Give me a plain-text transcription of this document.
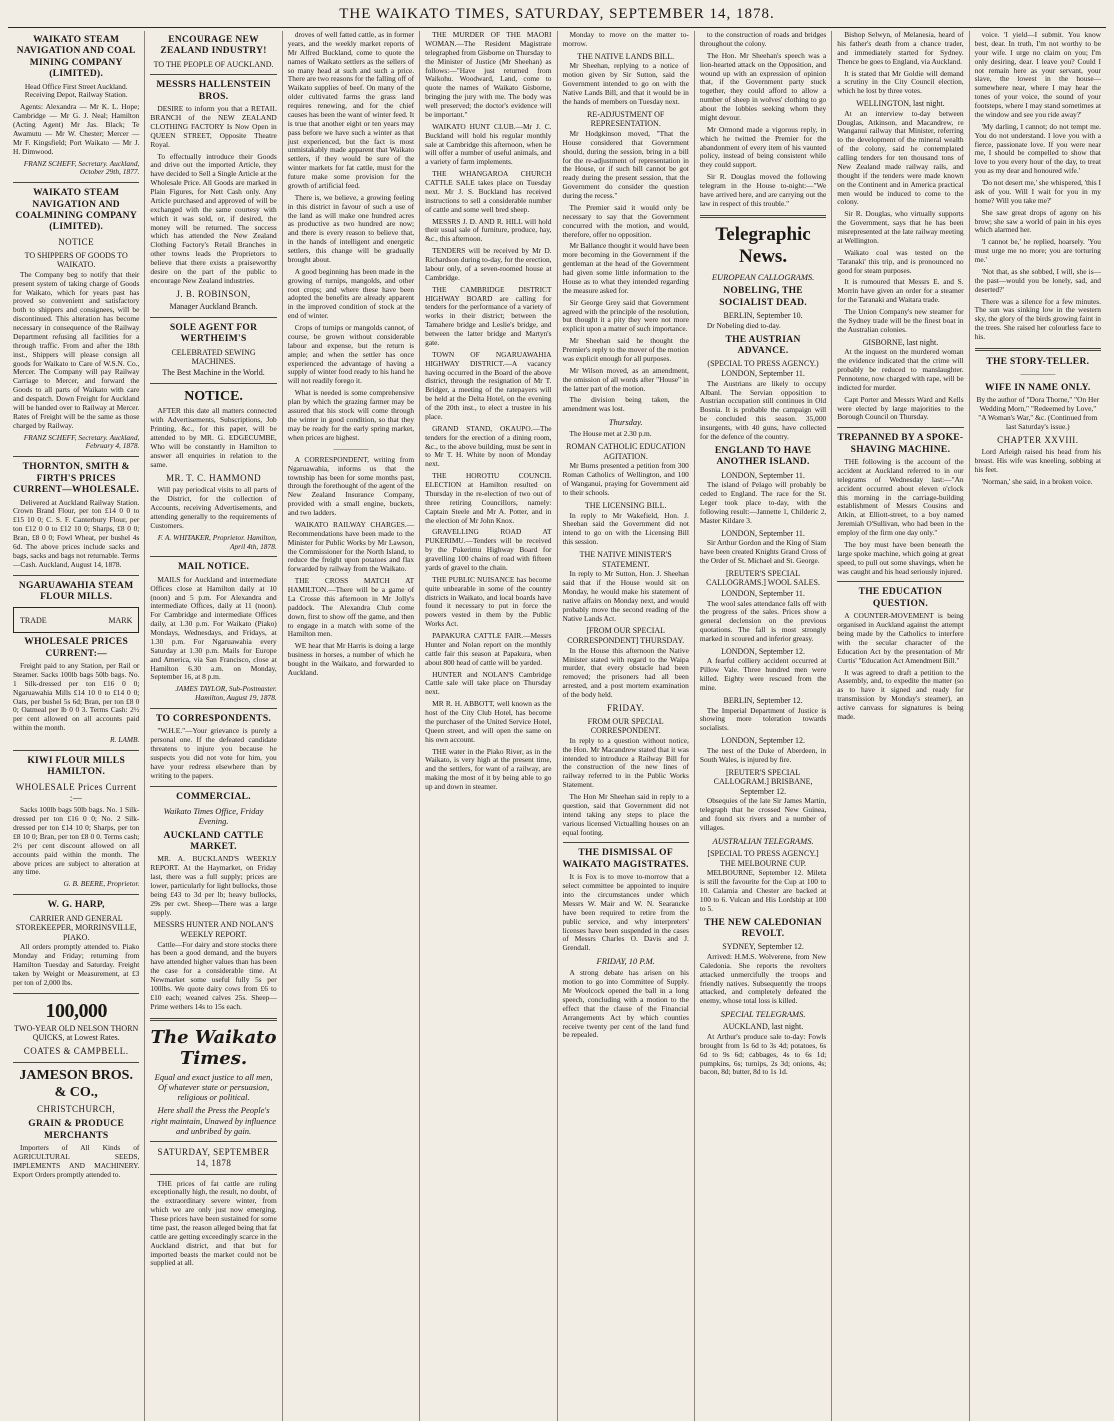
THE WAIKATO TIMES, SATURDAY, SEPTEMBER 14, 1878.
WAIKATO STEAM NAVIGATION AND COAL MINING COMPANY (LIMITED).

Head Office First Street Auckland. Receiving Depot, Railway Station.

Agents: Alexandra — Mr K. L. Hope; Cambridge — Mr G. J. Neal; Hamilton (Acting Agent) Mr Jas. Black; Te Awamutu — Mr W. Chester; Mercer — Mr F. Kingsfield; Port Waikato — Mr J. H. Dimwood.

FRANZ SCHEFF, Secretary. Auckland, October 29th, 1877.
WAIKATO STEAM NAVIGATION AND COALMINING COMPANY (LIMITED).
NOTICE
TO SHIPPERS OF GOODS TO WAIKATO.

The Company beg to notify that their present system of taking charge of Goods for Waikato, which for years past has proved so convenient and satisfactory both to shippers and consignees, will be discontinued. This alteration has become necessary in consequence of the Railway Department refusing all facilities for a through traffic. From and after the 18th inst., Shippers will please consign all goods for Waikato to Care of W.S.N. Co., Mercer. The Company will pay Railway Carriage to Mercer, and forward the Goods to all parts of Waikato with care and despatch. Down Freight for Auckland will be handed over to Railway at Mercer. Rates of Freight will be the same as those charged by Railway.

FRANZ SCHEFF, Secretary. Auckland, February 4, 1878.
THORNTON, SMITH & FIRTH'S PRICES CURRENT—WHOLESALE.

Delivered at Auckland Railway Station. Crown Brand Flour, per ton £14 0 0 to £15 10 0; C. S. F. Canterbury Flour, per ton £12 0 0 to £12 10 0; Sharps, £8 0 0; Bran, £8 0 0; Fowl Wheat, per bushel 4s 6d. The above prices include sacks and bags, sacks and bags not returnable. Terms—Cash. Auckland, August 14, 1878.

NGARUAWAHIA STEAM FLOUR MILLS.
TRADE	MARK
WHOLESALE PRICES CURRENT:—

Freight paid to any Station, per Rail or Steamer. Sacks 100lb bags 50lb bags. No. 1 Silk-dressed per ton £16 0 0; Ngaruawahia Mills £14 10 0 to £14 0 0; Oats, per bushel 5s 6d; Bran, per ton £8 0 0; Oatmeal per lb 0 0 3. Terms Cash: 2½ per cent allowed on all accounts paid within the month.

R. LAMB.
KIWI FLOUR MILLS HAMILTON.
WHOLESALE Prices Current :—

Sacks 100lb bags 50lb bags. No. 1 Silk-dressed per ton £16 0 0; No. 2 Silk-dressed per ton £14 10 0; Sharps, per ton £8 10 0; Bran, per ton £8 0 0. Terms cash; 2½ per cent discount allowed on all accounts paid within the month. The above prices are subject to alteration at any time.

G. B. BEERE, Proprietor.
W. G. HARP,
CARRIER AND GENERAL STOREKEEPER, MORRINSVILLE, PIAKO.

All orders promptly attended to. Piako Monday and Friday; returning from Hamilton Tuesday and Saturday. Freight taken by Weight or Measurement, at £3 per ton of 2,000 lbs.

100,000
TWO-YEAR OLD NELSON THORN QUICKS, at Lowest Rates.
COATES & CAMPBELL.
JAMESON BROS. & CO.,
CHRISTCHURCH,
GRAIN & PRODUCE MERCHANTS

Importers of All Kinds of AGRICULTURAL SEEDS, IMPLEMENTS AND MACHINERY. Export Orders promptly attended to.

ENCOURAGE NEW ZEALAND INDUSTRY!
TO THE PEOPLE OF AUCKLAND.
MESSRS HALLENSTEIN BROS.

DESIRE to inform you that a RETAIL BRANCH of the NEW ZEALAND CLOTHING FACTORY Is Now Open in QUEEN STREET, Opposite Theatre Royal.

To effectually introduce their Goods and drive out the imported Article, they have decided to Sell a Single Article at the Wholesale Price. All Goods are marked in Plain Figures, for Nett Cash only. Any Article purchased and approved of will be exchanged with the same courtesy with which it was sold, or, if desired, the money will be returned. The success which has attended the New Zealand Clothing Factory's Retail Branches in other towns leads the Proprietors to believe that there exists a praiseworthy desire on the part of the public to encourage New Zealand industries.

J. B. ROBINSON,
Manager Auckland Branch.
SOLE AGENT FOR WERTHEIM'S
CELEBRATED SEWING MACHINES.
The Best Machine in the World.
NOTICE.

AFTER this date all matters connected with Advertisements, Subscriptions, Job Printing, &c., for this paper, will be attended to by MR. G. EDGECUMBE, Who will be constantly in Hamilton to answer all enquiries in relation to the same.

MR. T. C. HAMMOND

Will pay periodical visits to all parts of the District, for the collection of Accounts, receiving Advertisements, and attending generally to the requirements of Customers.

F. A. WHITAKER, Proprietor. Hamilton, April 4th, 1878.
MAIL NOTICE.

MAILS for Auckland and intermediate Offices close at Hamilton daily at 10 (noon) and 5 p.m. For Alexandra and intermediate Offices, daily at 11 (noon). For Cambridge and intermediate Offices daily, at 1.30 p.m. For Waikato (Piako) Mondays, Wednesdays, and Fridays, at 1.30 p.m. For Ngaruawahia every Saturday at 1.30 p.m. Mails for Europe and America, via San Francisco, close at Hamilton 6.30 a.m. on Monday, September 16, at 8 p.m.

JAMES TAYLOR, Sub-Postmaster. Hamilton, August 19, 1878.
TO CORRESPONDENTS.

"W.H.E."—Your grievance is purely a personal one. If the defeated candidate threatens to injure you because he suspects you did not vote for him, you have your redress elsewhere than by writing to the papers.

COMMERCIAL.
Waikato Times Office, Friday Evening.
AUCKLAND CATTLE MARKET.

MR. A. BUCKLAND'S WEEKLY REPORT. At the Haymarket, on Friday last, there was a full supply; prices are lower, particularly for light bullocks, those being £43 to 3d per lb; heavy bullocks, 29s per cwt. Sheep—There was a large supply.

MESSRS HUNTER AND NOLAN'S WEEKLY REPORT.

Cattle—For dairy and store stocks there has been a good demand, and the buyers have attended higher values than has been the case for a considerable time. At Newmarket some useful fully 5s per 100lbs. We quote dairy cows from £6 to £10 each; weaned calves 25s. Sheep—Prime wethers 14s to 15s each.

The Waikato Times.

Equal and exact justice to all men, Of whatever state or persuasion, religious or political.

Here shall the Press the People's right maintain, Unawed by influence and unbribed by gain.

SATURDAY, SEPTEMBER 14, 1878

THE prices of fat cattle are ruling exceptionally high, the result, no doubt, of the extraordinary severe winter, from which we are only just now emerging. These prices have been sustained for some time past, the reason alleged being that fat cattle are getting exceedingly scarce in the Auckland district, and that but for imported beasts the market could not be supplied at all.

droves of well fatted cattle, as in former years, and the weekly market reports of Mr Alfred Buckland, come to quote the names of Waikato settlers as the sellers of so many head at such and such a price. There are two reasons for the falling off of Waikato supplies of beef. On many of the older cultivated farms the grass land requires renewing, and for the chief causes has been the want of winter feed. It is true that another eight or ten years may pass before we have such a winter as that just experienced, but the fact is most unmistakably made apparent that Waikato settlers, if they would be sure of the winter markets for fat cattle, must for the future make some provision for the growth of artificial feed.

There is, we believe, a growing feeling in this district in favour of such a use of the land as will make one hundred acres as productive as two hundred are now; and there is every reason to believe that, in the hands of intelligent and energetic settlers, this change will be gradually brought about.

A good beginning has been made in the growing of turnips, mangolds, and other root crops; and where these have been adopted the benefits are already apparent in the improved condition of stock at the end of winter.

Crops of turnips or mangolds cannot, of course, be grown without considerable labour and expense, but the return is ample; and when the settler has once experienced the advantage of having a supply of winter food ready to his hand he will not readily forego it.

What is needed is some comprehensive plan by which the grazing farmer may be assured that his stock will come through the winter in good condition, so that they may be ready for the early spring market, when prices are highest.

—————

A CORRESPONDENT, writing from Ngaruawahia, informs us that the township has been for some months past, through the forethought of the agent of the New Zealand Insurance Company, provided with a small engine, buckets, and two ladders.

WAIKATO RAILWAY CHARGES.—Recommendations have been made to the Minister for Public Works by Mr Lawson, the Commissioner for the North Island, to reduce the freight upon potatoes and flax forwarded by railway from the Waikato.

THE CROSS MATCH AT HAMILTON.—There will be a game of La Crosse this afternoon in Mr Jolly's paddock. The Alexandra Club come down, first to show off the game, and then to engage in a match with some of the Hamilton men.

WE hear that Mr Harris is doing a large business in horses, a number of which he bought in the Waikato, and forwarded to Auckland.

THE MURDER OF THE MAORI WOMAN.—The Resident Magistrate telegraphed from Gisborne on Thursday to the Minister of Justice (Mr Sheehan) as follows:—"Have just returned from Waikohu. Woodward, Land, come to quote the names of Waikato Gisborne, bringing the jury with me. The body was well preserved; the doctor's evidence will be important."

WAIKATO HUNT CLUB.—Mr J. C. Buckland will hold his regular monthly sale at Cambridge this afternoon, when he will offer a number of useful animals, and a variety of farm implements.

THE WHANGAROA CHURCH CATTLE SALE takes place on Tuesday next. Mr J. S. Buckland has received instructions to sell a considerable number of cattle and some well bred sheep.

MESSRS J. D. AND R. HILL will hold their usual sale of furniture, produce, hay, &c., this afternoon.

TENDERS will be received by Mr D. Richardson during to-day, for the erection, labour only, of a seven-roomed house at Cambridge.

THE CAMBRIDGE DISTRICT HIGHWAY BOARD are calling for tenders for the performance of a variety of works in their district; between the Tamahere bridge and Leslie's bridge, and between the latter bridge and Martyn's gate.

TOWN OF NGARUAWAHIA HIGHWAY DISTRICT.—A vacancy having occurred in the Board of the above district, through the resignation of Mr T. Bridger, a meeting of the ratepayers will be held at the Delta Hotel, on the evening of the 20th inst., to elect a trustee in his place.

GRAND STAND, OKAUPO.—The tenders for the erection of a dining room, &c., to the above building, must be sent in to Mr T. H. White by noon of Monday next.

THE HOROTIU COUNCIL ELECTION at Hamilton resulted on Thursday in the re-election of two out of three retiring Councillors, namely: Captain Steele and Mr A. Potter, and in the election of Mr John Knox.

GRAVELLING ROAD AT PUKERIMU.—Tenders will be received by the Pukerimu Highway Board for gravelling 100 chains of road with fifteen yards of gravel to the chain.

THE PUBLIC NUISANCE has become quite unbearable in some of the country districts in Waikato, and local boards have found it necessary to put in force the powers vested in them by the Public Works Act.

PAPAKURA CATTLE FAIR.—Messrs Hunter and Nolan report on the monthly cattle fair this season at Papakura, when about 800 head of cattle will be yarded.

HUNTER and NOLAN'S Cambridge Cattle sale will take place on Thursday next.

MR R. H. ABBOTT, well known as the host of the City Club Hotel, has become the purchaser of the United Service Hotel, Queen street, and will open the same on his own account.

THE water in the Piako River, as in the Waikato, is very high at the present time, and the settlers, for want of a railway, are making the most of it by being able to go up and down in steamer.

Monday to move on the matter to-morrow.

THE NATIVE LANDS BILL.

Mr Sheehan, replying to a notice of motion given by Sir Sutton, said the Government intended to go on with the Native Lands Bill, and that it would be in the hands of members on Tuesday next.

RE-ADJUSTMENT OF REPRESENTATION.

Mr Hodgkinson moved, "That the House considered that Government should, during the session, bring in a bill for the re-adjustment of representation in the House, or if such bill cannot be got ready during the present session, that the Government do consider the question during the recess."

The Premier said it would only be necessary to say that the Government concurred with the motion, and would, therefore, offer no opposition.

Mr Ballance thought it would have been more becoming in the Government if the gentleman at the head of the Government had given some little information to the House as to what they intended regarding the measure asked for.

Sir George Grey said that Government agreed with the principle of the resolution, but thought it a pity they were not more explicit upon a matter of such importance.

Mr Sheehan said he thought the Premier's reply to the mover of the motion was explicit enough for all purposes.

Mr Wilson moved, as an amendment, the omission of all words after "House" in the latter part of the motion.

The division being taken, the amendment was lost.

Thursday.

The House met at 2.30 p.m.

ROMAN CATHOLIC EDUCATION AGITATION.

Mr Burns presented a petition from 300 Roman Catholics of Wellington, and 100 of Wanganui, praying for Government aid to their schools.

THE LICENSING BILL.

In reply to Mr Wakefield, Hon. J. Sheehan said the Government did not intend to go on with the Licensing Bill this session.

THE NATIVE MINISTER'S STATEMENT.

In reply to Mr Sutton, Hon. J. Sheehan said that if the House would sit on Monday, he would make his statement of native affairs on Monday next, and would probably move the second reading of the Native Lands Act.

[FROM OUR SPECIAL CORRESPONDENT] THURSDAY.

In the House this afternoon the Native Minister stated with regard to the Waipa murder, that every obstacle had been removed; the prisoners had all been arrested, and a post mortem examination of the body held.

FRIDAY.
FROM OUR SPECIAL CORRESPONDENT.

In reply to a question without notice, the Hon. Mr Macandrew stated that it was intended to introduce a Railway Bill for the construction of the new lines of railway referred to in the Public Works Statement.

The Hon Mr Sheehan said in reply to a question, said that Government did not intend taking any steps to place the various licensed Victualling houses on an equal footing.

THE DISMISSAL OF WAIKATO MAGISTRATES.

It is Fox is to move to-morrow that a select committee be appointed to inquire into the circumstances under which Messrs W. Mair and W. N. Searancke have been required to retire from the public service, and why interpreters' licenses have been suspended in the cases of Messrs Charles O. Davis and J. Grendall.

FRIDAY, 10 P.M.

A strong debate has arisen on his motion to go into Committee of Supply. Mr Woolcock opened the ball in a long speech, concluding with a motion to the effect that the clause of the Financial Arrangements Act by which counties receive twenty per cent of the land fund be repealed.

to the construction of roads and bridges throughout the colony.

The Hon. Mr Sheehan's speech was a lion-hearted attack on the Opposition, and wound up with an expression of opinion that, if the Government party stuck together, they could afford to allow a number of sheep in wolves' clothing to go about the lobbies seeking whom they might devour.

Mr Ormond made a vigorous reply, in which he twitted the Premier for the abandonment of every item of his vaunted policy, instead of being consistent while they could support.

Sir R. Douglas moved the following telegram in the House to-night:—"We have arrived here, and are carrying out the law in respect of this trouble."

Telegraphic News.
EUROPEAN CALLOGRAMS.
NOBELING, THE SOCIALIST DEAD.
BERLIN, September 10.

Dr Nobeling died to-day.

THE AUSTRIAN ADVANCE.
(SPECIAL TO PRESS AGENCY.) LONDON, September 11.

The Austrians are likely to occupy Albanl. The Servian opposition to Austrian occupation still continues in Old Bosnia. It is probable the campaign will be concluded this season. 35,000 insurgents, with 40 guns, have collected for the defence of the country.

ENGLAND TO HAVE ANOTHER ISLAND.
LONDON, September 11.

The island of Pelago will probably be ceded to England. The race for the St. Leger took place to-day, with the following result:—Jannette 1, Childeric 2, Master Kildare 3.

LONDON, September 11.

Sir Arthur Gordon and the King of Siam have been created Knights Grand Cross of the Order of St. Michael and St. George.

[REUTER'S SPECIAL CALLOGRAMS.] WOOL SALES.
LONDON, September 11.

The wool sales attendance falls off with the progress of the sales. Prices show a general declension on the previous quotations. The fall is most strongly marked in scoured and inferior greasy.

LONDON, September 12.

A fearful colliery accident occurred at Pillow Vale. Three hundred men were killed. Eighty were rescued from the mine.

BERLIN, September 12.

The Imperial Department of Justice is showing more toleration towards socialists.

LONDON, September 12.

The nest of the Duke of Aberdeen, in South Wales, is injured by fire.

[REUTER'S SPECIAL CALLOGRAM.] BRISBANE, September 12.

Obsequies of the late Sir James Martin, telegraph that he crossed New Guinea, and found six rivers and a number of villages.

AUSTRALIAN TELEGRAMS.
[SPECIAL TO PRESS AGENCY.] THE MELBOURNE CUP.

MELBOURNE, September 12. Mileta is still the favourite for the Cup at 100 to 10. Calamia and Chester are backed at 100 to 6. Vulcan and His Lordship at 100 to 5.

THE NEW CALEDONIAN REVOLT.
SYDNEY, September 12.

Arrived: H.M.S. Wolverene, from New Caledonia. She reports the revolters attacked unmercifully the troops and friendly natives. Subsequently the troops attacked, and completely defeated the enemy, whose total loss is killed.

SPECIAL TELEGRAMS.
AUCKLAND, last night.

At Arthur's produce sale to-day: Fowls brought from 1s 6d to 3s 4d; potatoes, 6s 6d to 9s 6d; cabbages, 4s to 6s 1d; pumpkins, 6s; turnips, 2s 3d; onions, 4s; bacon, 8d; butter, 8d to 1s 1d.

Bishop Selwyn, of Melanesia, heard of his father's death from a chance trader, and immediately started for Sydney. Thence he goes to England, via Auckland.

It is stated that Mr Goldie will demand a scrutiny in the City Council election, which he lost by three votes.

WELLINGTON, last night.

At an interview to-day between Douglas, Atkinson, and Macandrew, re Wanganui railway that Minister, referring to the development of the mineral wealth of the colony, said he contemplated calling tenders for ten thousand tons of New Zealand made railway rails, and thought if the tenders were made known on the Continent and in America practical men would be induced to come to the colony.

Sir R. Douglas, who virtually supports the Government, says that he has been misrepresented at the late railway meeting at Wellington.

Waikato coal was tested on the 'Taranaki' this trip, and is pronounced no good for steam purposes.

It is rumoured that Messrs E. and S. Morrin have given an order for a steamer for the Taranaki and Waitara trade.

The Union Company's new steamer for the Sydney trade will be the finest boat in the Australian colonies.

GISBORNE, last night.

At the inquest on the murdered woman the evidence indicated that the crime will probably be reduced to manslaughter. Pennotene, now charged with rape, will be indicted for murder.

Capt Porter and Messrs Ward and Kells were elected by large majorities to the Borough Council on Thursday.

TREPANNED BY A SPOKE-SHAVING MACHINE.

THE following is the account of the accident at Auckland referred to in our telegrams of Wednesday last:—"An accident occurred about eleven o'clock this morning in the carriage-building establishment of Messrs Cousins and Atkin, at Elliott-street, to a boy named Jeremiah O'Sullivan, who had been in the employ of the firm one day only."

The boy must have been beneath the large spoke machine, which going at great speed, to pull out some shavings, when he was caught and his head seriously injured.

THE EDUCATION QUESTION.

A COUNTER-MOVEMENT is being organised in Auckland against the attempt being made by the Catholics to interfere with the secular character of the Education Act by the presentation of Mr Curtis' "Education Act Amendment Bill."

It was agreed to draft a petition to the Assembly, and, to expedite the matter (so as to have it signed and ready for transmission by Monday's steamer), an active canvass for signatures is being made.

voice. 'I yield—I submit. You know best, dear. In truth, I'm not worthy to be your wife. I urge no claim on you; I'm only desiring, dear. I leave you? Could I not remain here as your servant, your slave, the lowest in the house—somewhere near, where I may hear the tones of your voice, the sound of your footsteps, where I may stand sometimes at the window and see you ride away?'

'My darling, I cannot; do not tempt me. You do not understand. I love you with a fierce, passionate love. If you were near me, I should be compelled to show that love to you every hour of the day, to treat you as my dear and honoured wife.'

'Do not desert me,' she whispered, 'this I ask of you. Will I wait for you in my home? Will you take me?'

She saw great drops of agony on his brow; she saw a world of pain in his eyes which alarmed her.

'I cannot be,' he replied, hoarsely. 'You must urge me no more; you are torturing me.'

'Not that, as she sobbed, I will, she is—the past—would you be lonely, sad, and deserted?'

There was a silence for a few minutes. The sun was sinking low in the western sky, the glory of the birds growing faint in the trees. She raised her colourless face to his.

THE STORY-TELLER.
—————
WIFE IN NAME ONLY.

By the author of "Dora Thorne," "On Her Wedding Morn," "Redeemed by Love," "A Woman's War," &c. (Continued from last Saturday's issue.)

CHAPTER XXVIII.

Lord Arleigh raised his head from his breast. His wife was kneeling, sobbing at his feet.

'Norman,' she said, in a broken voice.
